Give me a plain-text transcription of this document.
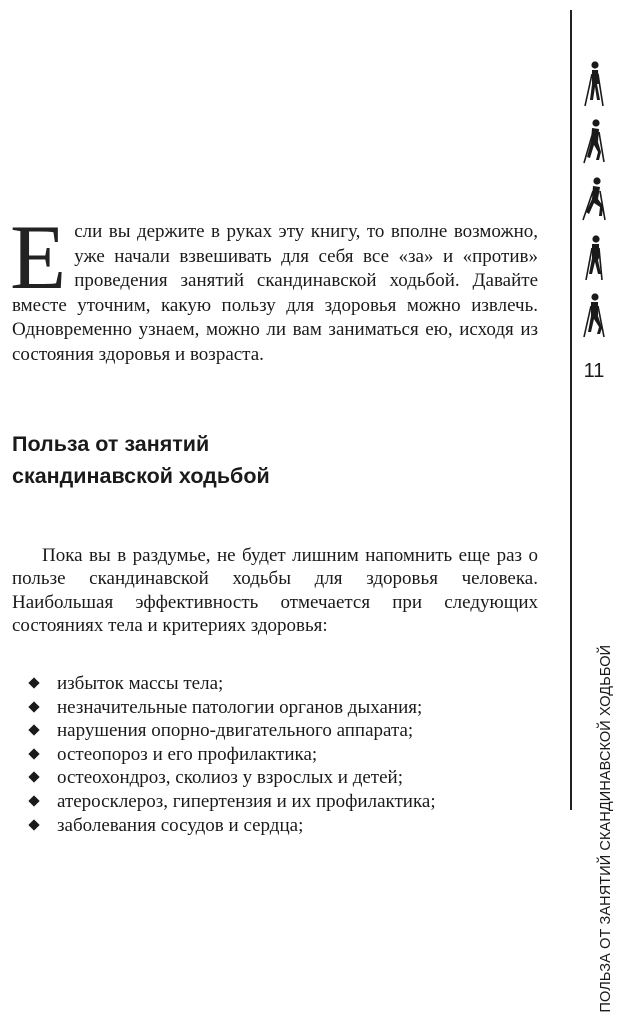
Если вы держите в руках эту книгу, то вполне возможно, уже начали взвешивать для себя все «за» и «против» проведения занятий скандинавской ходьбой. Давайте вместе уточним, какую пользу для здоровья можно извлечь. Одновременно узнаем, можно ли вам заниматься ею, исходя из состояния здоровья и возраста.

Польза от занятий
скандинавской ходьбой

Пока вы в раздумье, не будет лишним напомнить еще раз о пользе скандинавской ходьбы для здоровья человека. Наибольшая эффективность отмечается при следующих состояниях тела и критериях здоровья:

избыток массы тела;
незначительные патологии органов дыхания;
нарушения опорно-двигательного аппарата;
остеопороз и его профилактика;
остеохондроз, сколиоз у взрослых и детей;
атеросклероз, гипертензия и их профилактика;
заболевания сосудов и сердца;
11
ПОЛЬЗА ОТ ЗАНЯТИЙ СКАНДИНАВСКОЙ ХОДЬБОЙ
